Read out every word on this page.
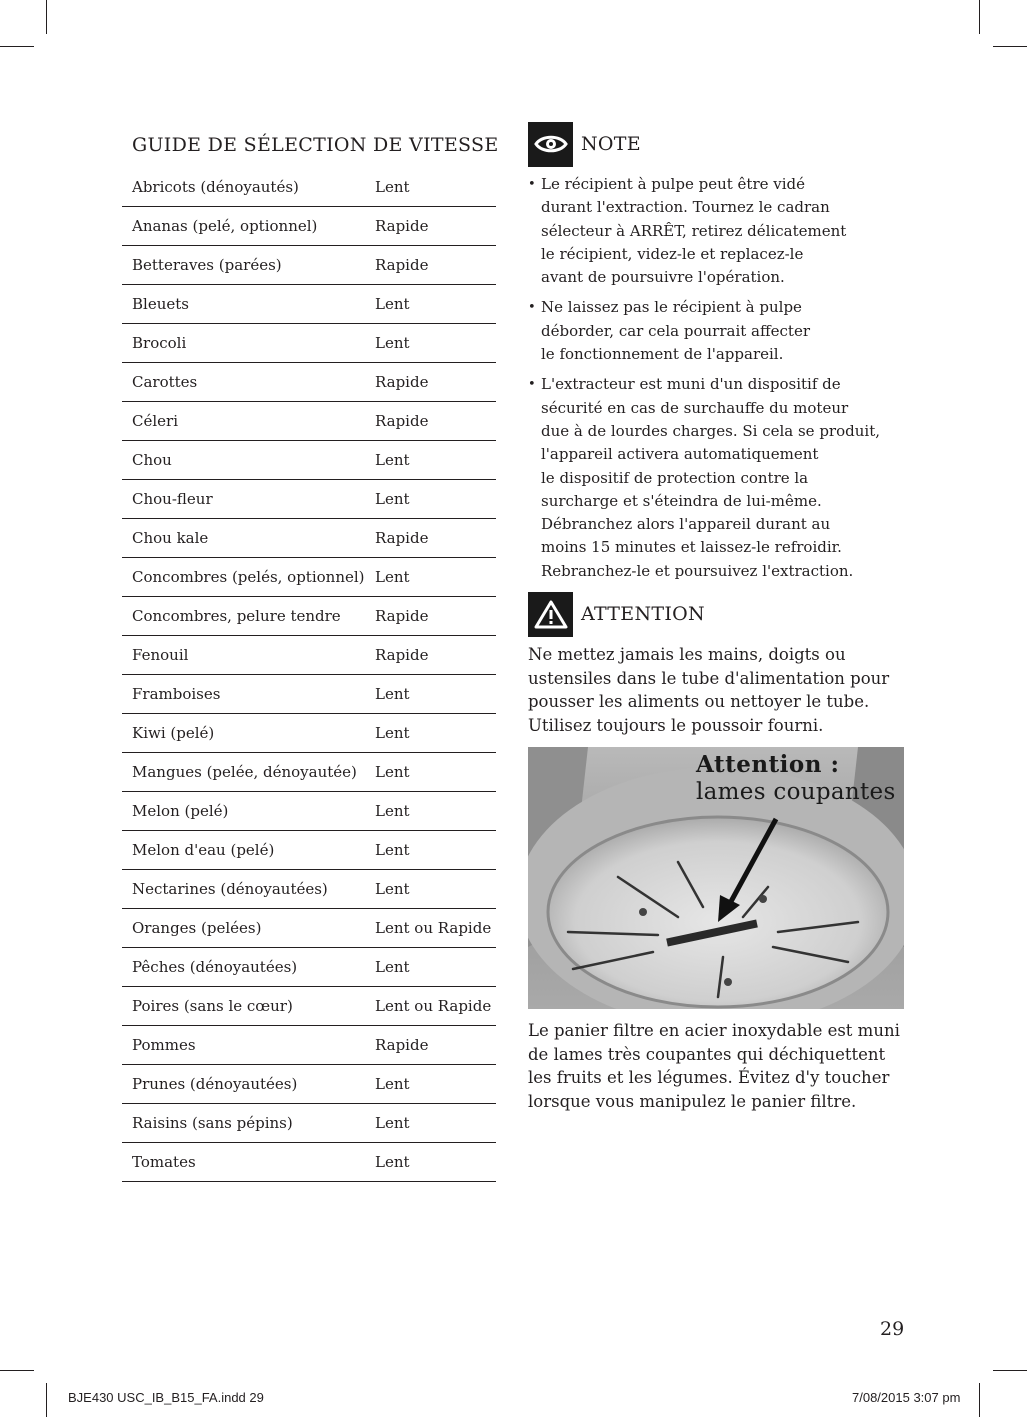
GUIDE DE SÉLECTION DE VITESSE
Abricots (dénoyautés)	Lent
Ananas (pelé, optionnel)	Rapide
Betteraves (parées)	Rapide
Bleuets	Lent
Brocoli	Lent
Carottes	Rapide
Céleri	Rapide
Chou	Lent
Chou-fleur	Lent
Chou kale	Rapide
Concombres (pelés, optionnel)	Lent
Concombres, pelure tendre	Rapide
Fenouil	Rapide
Framboises	Lent
Kiwi (pelé)	Lent
Mangues (pelée, dénoyautée)	Lent
Melon (pelé)	Lent
Melon d'eau (pelé)	Lent
Nectarines (dénoyautées)	Lent
Oranges (pelées)	Lent ou Rapide
Pêches (dénoyautées)	Lent
Poires (sans le cœur)	Lent ou Rapide
Pommes	Rapide
Prunes (dénoyautées)	Lent
Raisins (sans pépins)	Lent
Tomates	Lent
NOTE
• Le récipient à pulpe peut être vidé
durant l'extraction. Tournez le cadran
sélecteur à ARRÊT, retirez délicatement
le récipient, videz-le et replacez-le
avant de poursuivre l'opération.
• Ne laissez pas le récipient à pulpe
déborder, car cela pourrait affecter
le fonctionnement de l'appareil.
• L'extracteur est muni d'un dispositif de
sécurité en cas de surchauffe du moteur
due à de lourdes charges. Si cela se produit,
l'appareil activera automatiquement
le dispositif de protection contre la
surcharge et s'éteindra de lui-même.
Débranchez alors l'appareil durant au
moins 15 minutes et laissez-le refroidir.
Rebranchez-le et poursuivez l'extraction.
ATTENTION

Ne mettez jamais les mains, doigts ou
ustensiles dans le tube d'alimentation pour
pousser les aliments ou nettoyer le tube.
Utilisez toujours le poussoir fourni.

Attention :
lames coupantes

Le panier filtre en acier inoxydable est muni
de lames très coupantes qui déchiquettent
les fruits et les légumes. Évitez d'y toucher
lorsque vous manipulez le panier filtre.

29
BJE430 USC_IB_B15_FA.indd 29	7/08/2015 3:07 pm
